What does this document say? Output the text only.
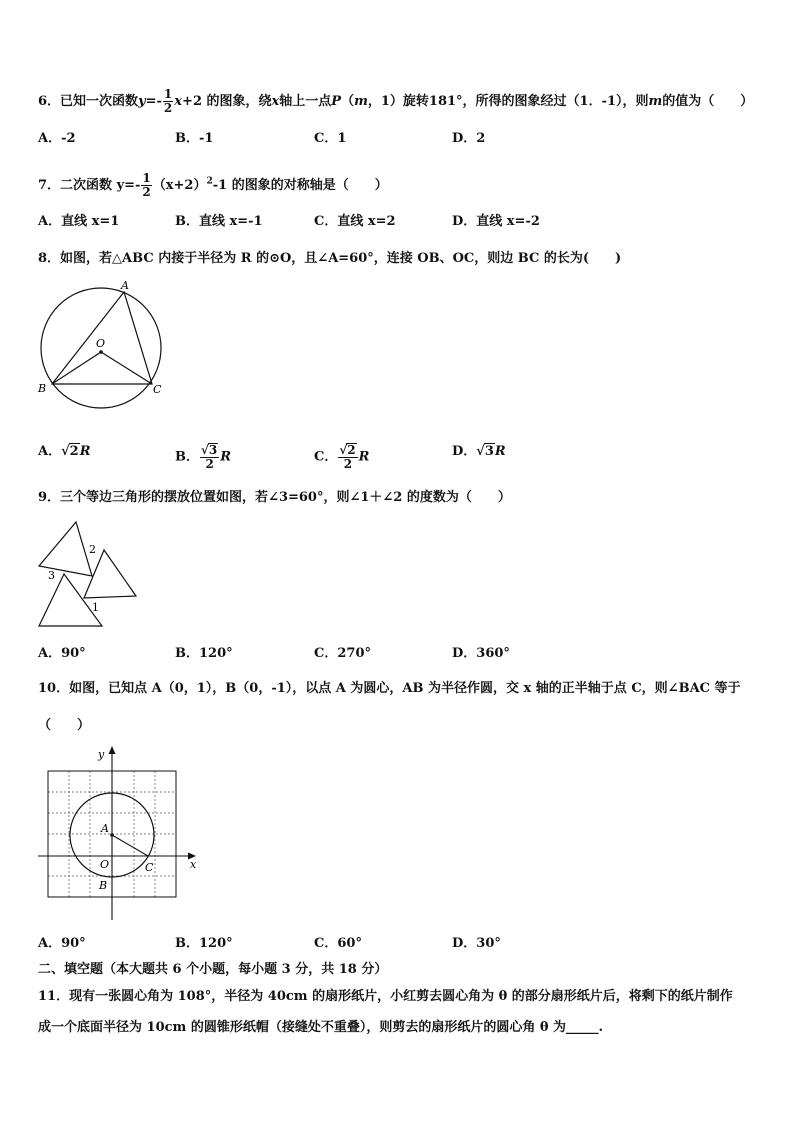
6．已知一次函数$y=- \frac{1}{2} x+2$ 的图象，绕x轴上一点P（m，1）旋转181°，所得的图象经过（1．-1），则m的值为（　　）
A．-2	B．-1	C．1	D．2
7．二次函数 $y=- \frac{1}{2} (x+2)^2-1$ 的图象的对称轴是（　　）
A．直线 x=1	B．直线 x=-1	C．直线 x=2	D．直线 x=-2
8．如图，若△ABC 内接于半径为 R 的⊙O，且∠A=60°，连接 OB、OC，则边 BC 的长为(　　)
A
O
B	C
A．√2R	B． $\frac{√3}{2}$ R	C． $\frac{√2}{2}$ R	D．√3R
9．三个等边三角形的摆放位置如图，若∠3=60°，则∠1＋∠2 的度数为（　　）
2
3
1
A．90°	B．120°	C．270°	D．360°
10．如图，已知点 A（0，1），B（0，-1），以点 A 为圆心，AB 为半径作圆，交 x 轴的正半轴于点 C，则∠BAC 等于
（　　）
y
x
A
O
B
C
A．90°	B．120°	C．60°	D．30°
二、填空题（本大题共 6 个小题，每小题 3 分，共 18 分）
11．现有一张圆心角为 108°，半径为 40cm 的扇形纸片，小红剪去圆心角为 θ 的部分扇形纸片后，将剩下的纸片制作
成一个底面半径为 10cm 的圆锥形纸帽（接缝处不重叠），则剪去的扇形纸片的圆心角 θ 为_____.
